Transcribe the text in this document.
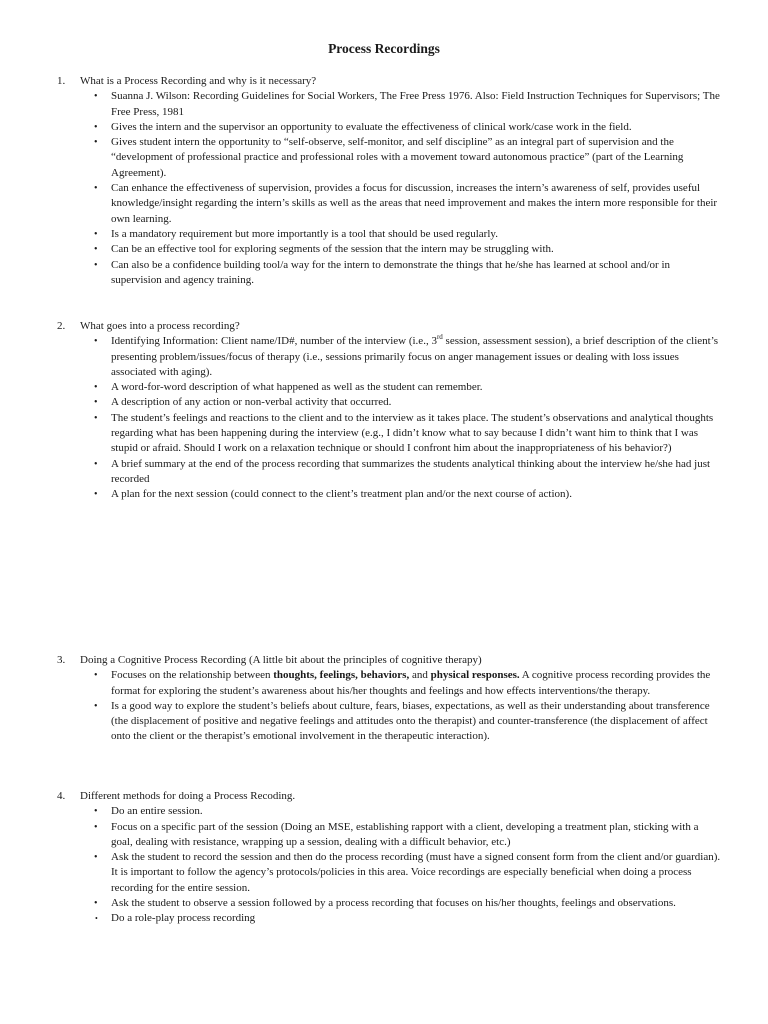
Process Recordings
1.	What is a Process Recording and why is it necessary?
• Suanna J. Wilson: Recording Guidelines for Social Workers, The Free Press 1976. Also: Field Instruction Techniques for Supervisors; The Free Press, 1981
• Gives the intern and the supervisor an opportunity to evaluate the effectiveness of clinical work/case work in the field.
• Gives student intern the opportunity to “self-observe, self-monitor, and self discipline” as an integral part of supervision and the “development of professional practice and professional roles with a movement toward autonomous practice” (part of the Learning Agreement).
• Can enhance the effectiveness of supervision, provides a focus for discussion, increases the intern’s awareness of self, provides useful knowledge/insight regarding the intern’s skills as well as the areas that need improvement and makes the intern more responsible for their own learning.
• Is a mandatory requirement but more importantly is a tool that should be used regularly.
• Can be an effective tool for exploring segments of the session that the intern may be struggling with.
• Can also be a confidence building tool/a way for the intern to demonstrate the things that he/she has learned at school and/or in supervision and agency training.
2.	What goes into a process recording?
• Identifying Information: Client name/ID#, number of the interview (i.e., 3rd session, assessment session), a brief description of the client’s presenting problem/issues/focus of therapy (i.e., sessions primarily focus on anger management issues or dealing with loss issues associated with aging).
• A word-for-word description of what happened as well as the student can remember.
• A description of any action or non-verbal activity that occurred.
• The student’s feelings and reactions to the client and to the interview as it takes place. The student’s observations and analytical thoughts regarding what has been happening during the interview (e.g., I didn’t know what to say because I didn’t want him to think that I was stupid or afraid. Should I work on a relaxation technique or should I confront him about the inappropriateness of his behavior?)
• A brief summary at the end of the process recording that summarizes the students analytical thinking about the interview he/she had just recorded
• A plan for the next session (could connect to the client’s treatment plan and/or the next course of action).
3.	Doing a Cognitive Process Recording (A little bit about the principles of cognitive therapy)
• Focuses on the relationship between thoughts, feelings, behaviors, and physical responses. A cognitive process recording provides the format for exploring the student’s awareness about his/her thoughts and feelings and how effects interventions/the therapy.
• Is a good way to explore the student’s beliefs about culture, fears, biases, expectations, as well as their understanding about transference (the displacement of positive and negative feelings and attitudes onto the therapist) and counter-transference (the displacement of affect onto the client or the therapist’s emotional involvement in the therapeutic interaction).
4.	Different methods for doing a Process Recoding.
• Do an entire session.
• Focus on a specific part of the session (Doing an MSE, establishing rapport with a client, developing a treatment plan, sticking with a goal, dealing with resistance, wrapping up a session, dealing with a difficult behavior, etc.)
• Ask the student to record the session and then do the process recording (must have a signed consent form from the client and/or guardian). It is important to follow the agency’s protocols/policies in this area. Voice recordings are especially beneficial when doing a process recording for the entire session.
• Ask the student to observe a session followed by a process recording that focuses on his/her thoughts, feelings and observations.
• Do a role-play process recording
